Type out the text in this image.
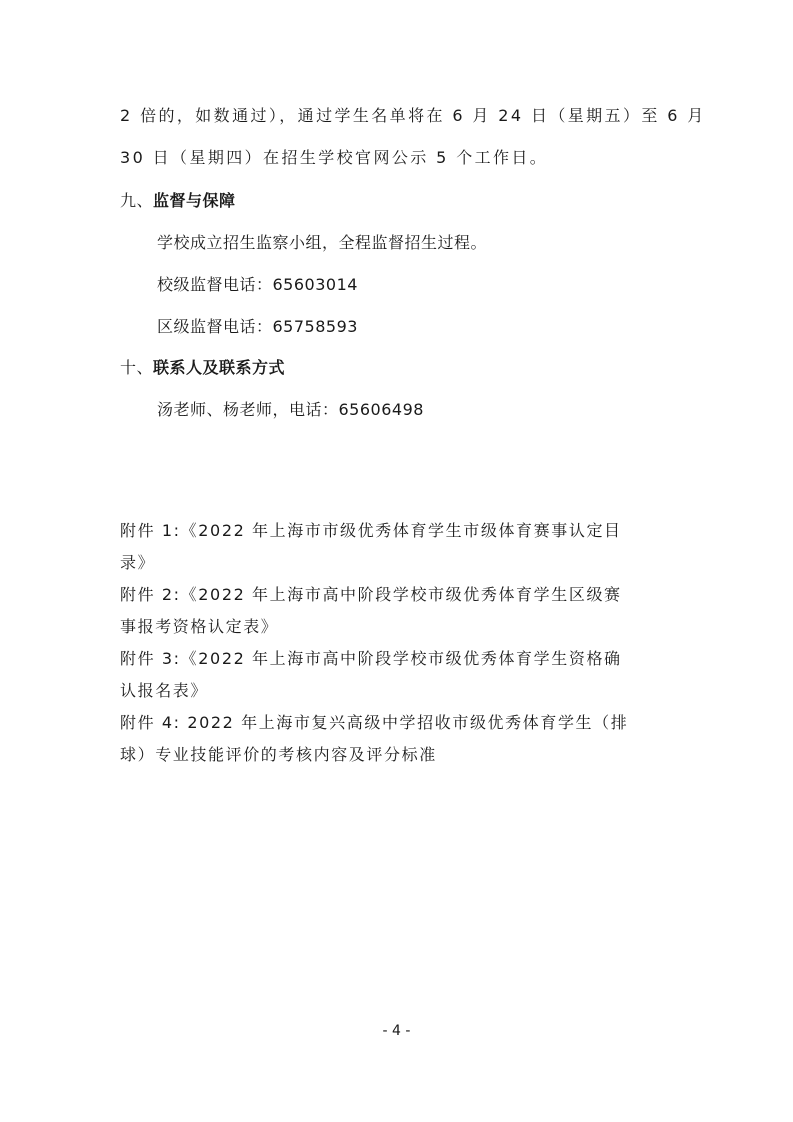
2 倍的，如数通过），通过学生名单将在 6 月 24 日（星期五）至 6 月
30 日（星期四）在招生学校官网公示 5 个工作日。
九、监督与保障
学校成立招生监察小组，全程监督招生过程。
校级监督电话：65603014
区级监督电话：65758593
十、联系人及联系方式
汤老师、杨老师，电话：65606498
附件 1:《2022 年上海市市级优秀体育学生市级体育赛事认定目
录》
附件 2:《2022 年上海市高中阶段学校市级优秀体育学生区级赛
事报考资格认定表》
附件 3:《2022 年上海市高中阶段学校市级优秀体育学生资格确
认报名表》
附件 4: 2022 年上海市复兴高级中学招收市级优秀体育学生（排
球）专业技能评价的考核内容及评分标准
- 4 -
